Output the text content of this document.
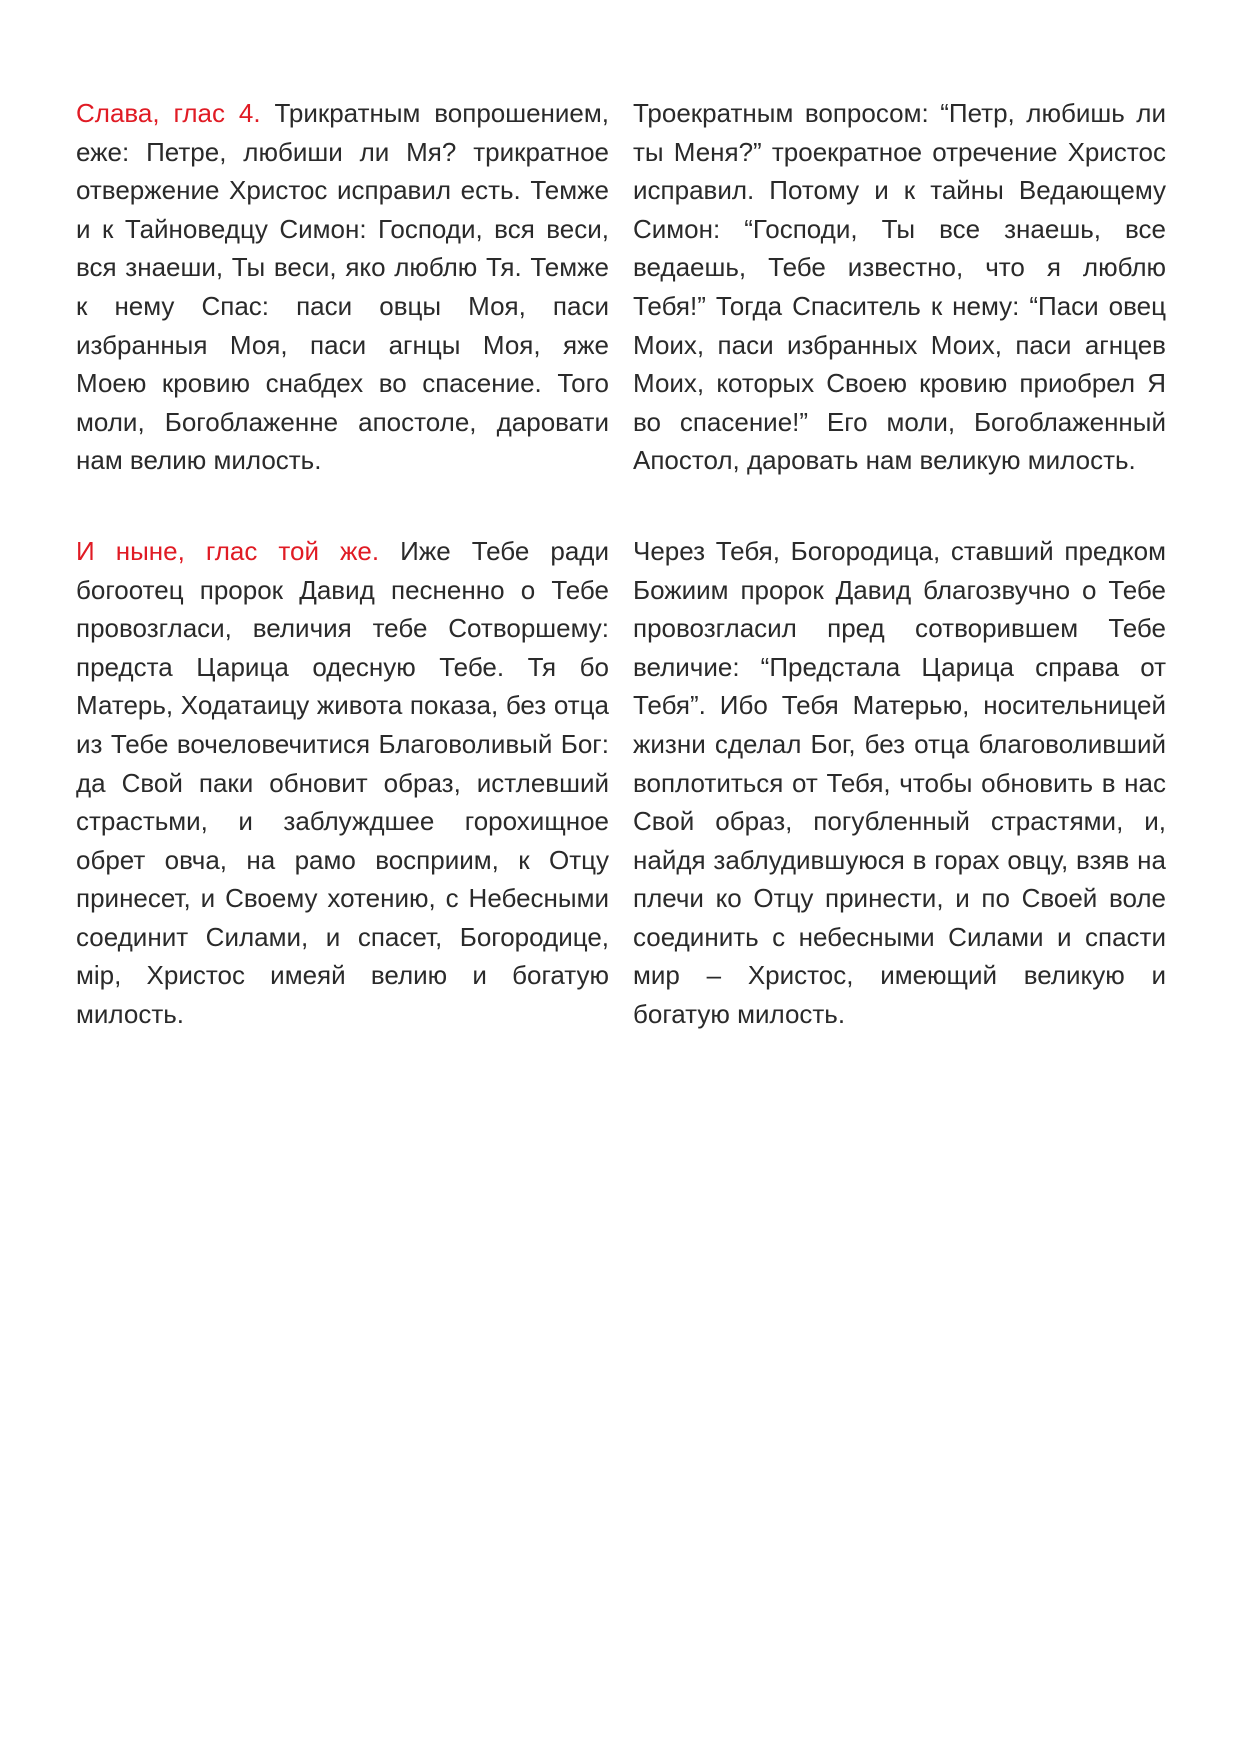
Слава, глас 4. Трикратным вопрошением, еже: Петре, любиши ли Мя? трикратное отвержение Христос исправил есть. Темже и к Тайноведцу Симон: Господи, вся веси, вся знаеши, Ты веси, яко люблю Тя. Темже к нему Спас: паси овцы Моя, паси избранныя Моя, паси агнцы Моя, яже Моею кровию снабдех во спасение. Того моли, Богоблаженне апостоле, даровати нам велию милость.
Троекратным вопросом: “Петр, любишь ли ты Меня?” троекратное отречение Христос исправил. Потому и к тайны Ведающему Симон: “Господи, Ты все знаешь, все ведаешь, Тебе известно, что я люблю Тебя!” Тогда Спаситель к нему: “Паси овец Моих, паси избранных Моих, паси агнцев Моих, которых Своею кровию приобрел Я во спасение!” Его моли, Богоблаженный Апостол, даровать нам великую милость.
И ныне, глас той же. Иже Тебе ради богоотец пророк Давид песненно о Тебе провозгласи, величия тебе Сотворшему: предста Царица одесную Тебе. Тя бо Матерь, Ходатаицу живота показа, без отца из Тебе вочеловечитися Благоволивый Бог: да Свой паки обновит образ, истлевший страстьми, и заблуждшее горохищное обрет овча, на рамо восприим, к Отцу принесет, и Своему хотению, с Небесными соединит Силами, и спасет, Богородице, мiр, Христос имеяй велию и богатую милость.
Через Тебя, Богородица, ставший предком Божиим пророк Давид благозвучно о Тебе провозгласил пред сотворившем Тебе величие: “Предстала Царица справа от Тебя”. Ибо Тебя Матерью, носительницей жизни сделал Бог, без отца благоволивший воплотиться от Тебя, чтобы обновить в нас Свой образ, погубленный страстями, и, найдя заблудившуюся в горах овцу, взяв на плечи ко Отцу принести, и по Своей воле соединить с небесными Силами и спасти мир – Христос, имеющий великую и богатую милость.
